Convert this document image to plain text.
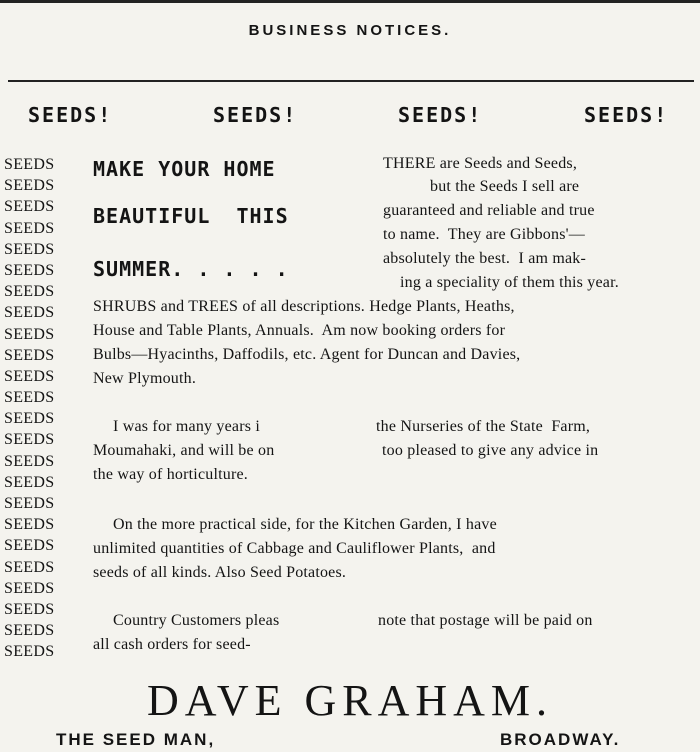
BUSINESS NOTICES.
SEEDS!	SEEDS!	SEEDS!	SEEDS!
SEEDS
SEEDS
SEEDS
SEEDS
SEEDS
SEEDS
SEEDS
SEEDS
SEEDS
SEEDS
SEEDS
SEEDS
SEEDS
SEEDS
SEEDS
SEEDS
SEEDS
SEEDS
SEEDS
SEEDS
SEEDS
SEEDS
SEEDS
SEEDS
MAKE YOUR HOME
BEAUTIFUL  THIS
SUMMER. . . . .
THERE are Seeds and Seeds,
but the Seeds I sell are
guaranteed and reliable and true
to name.  They are Gibbons'—
absolutely the best.  I am mak-
ing a speciality of them this year.
SHRUBS and TREES of all descriptions. Hedge Plants, Heaths,
House and Table Plants, Annuals.  Am now booking orders for
Bulbs—Hyacinths, Daffodils, etc. Agent for Duncan and Davies,
New Plymouth.
I was for many years i
Moumahaki, and will be on
the way of horticulture.
the Nurseries of the State  Farm,
too pleased to give any advice in
On the more practical side, for the Kitchen Garden, I have
unlimited quantities of Cabbage and Cauliflower Plants,  and
seeds of all kinds. Also Seed Potatoes.
Country Customers pleas
all cash orders for seed-
note that postage will be paid on
DAVE GRAHAM.
THE SEED MAN,	BROADWAY.
